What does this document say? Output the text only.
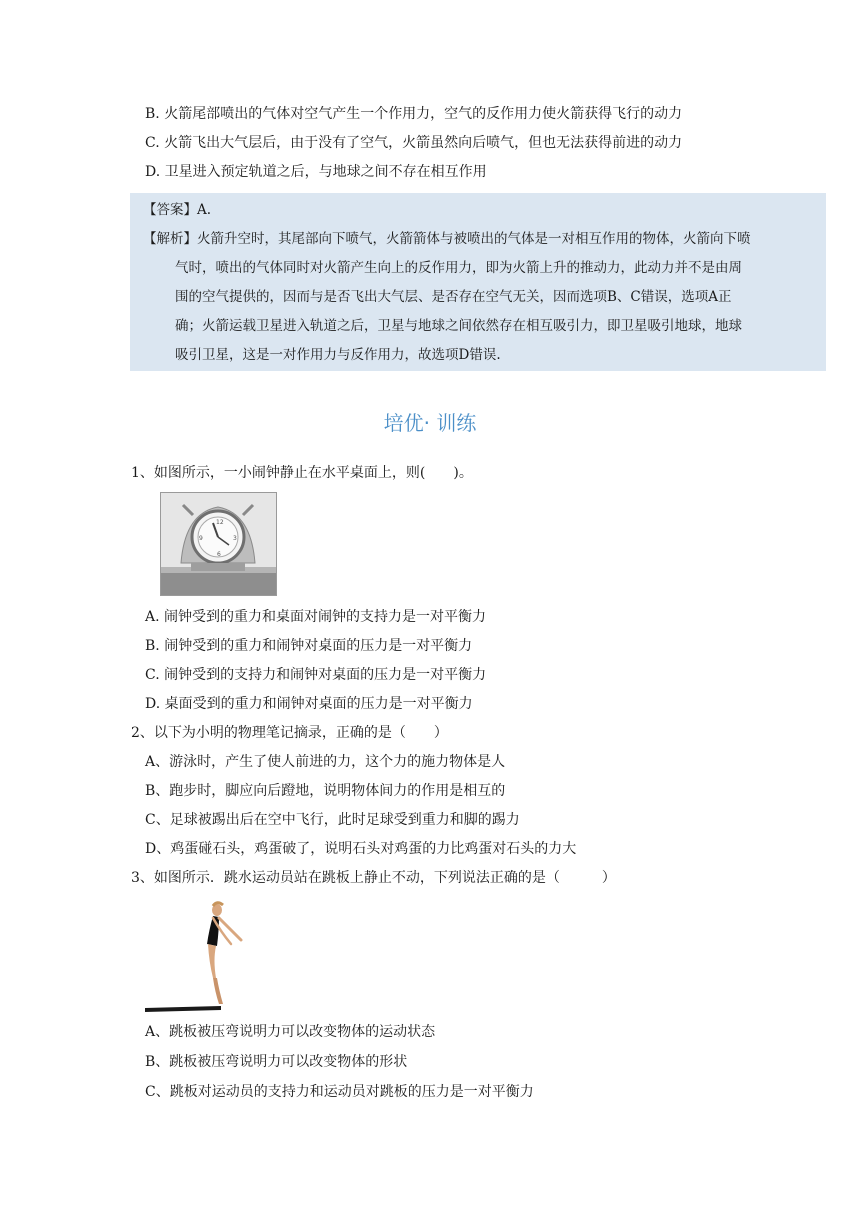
B. 火箭尾部喷出的气体对空气产生一个作用力，空气的反作用力使火箭获得飞行的动力
C. 火箭飞出大气层后，由于没有了空气，火箭虽然向后喷气，但也无法获得前进的动力
D. 卫星进入预定轨道之后，与地球之间不存在相互作用
【答案】A.
【解析】火箭升空时，其尾部向下喷气，火箭箭体与被喷出的气体是一对相互作用的物体，火箭向下喷
气时，喷出的气体同时对火箭产生向上的反作用力，即为火箭上升的推动力，此动力并不是由周
围的空气提供的，因而与是否飞出大气层、是否存在空气无关，因而选项B、C错误，选项A正
确；火箭运载卫星进入轨道之后，卫星与地球之间依然存在相互吸引力，即卫星吸引地球，地球
吸引卫星，这是一对作用力与反作用力，故选项D错误.
培优· 训练
1、如图所示，一小闹钟静止在水平桌面上，则(　　)。
12
3
6
9
A. 闹钟受到的重力和桌面对闹钟的支持力是一对平衡力
B. 闹钟受到的重力和闹钟对桌面的压力是一对平衡力
C. 闹钟受到的支持力和闹钟对桌面的压力是一对平衡力
D. 桌面受到的重力和闹钟对桌面的压力是一对平衡力
2、以下为小明的物理笔记摘录，正确的是（　　）
A、游泳时，产生了使人前进的力，这个力的施力物体是人
B、跑步时，脚应向后蹬地，说明物体间力的作用是相互的
C、足球被踢出后在空中飞行，此时足球受到重力和脚的踢力
D、鸡蛋碰石头，鸡蛋破了，说明石头对鸡蛋的力比鸡蛋对石头的力大
3、如图所示．跳水运动员站在跳板上静止不动，下列说法正确的是（　　　）
A、跳板被压弯说明力可以改变物体的运动状态
B、跳板被压弯说明力可以改变物体的形状
C、跳板对运动员的支持力和运动员对跳板的压力是一对平衡力
